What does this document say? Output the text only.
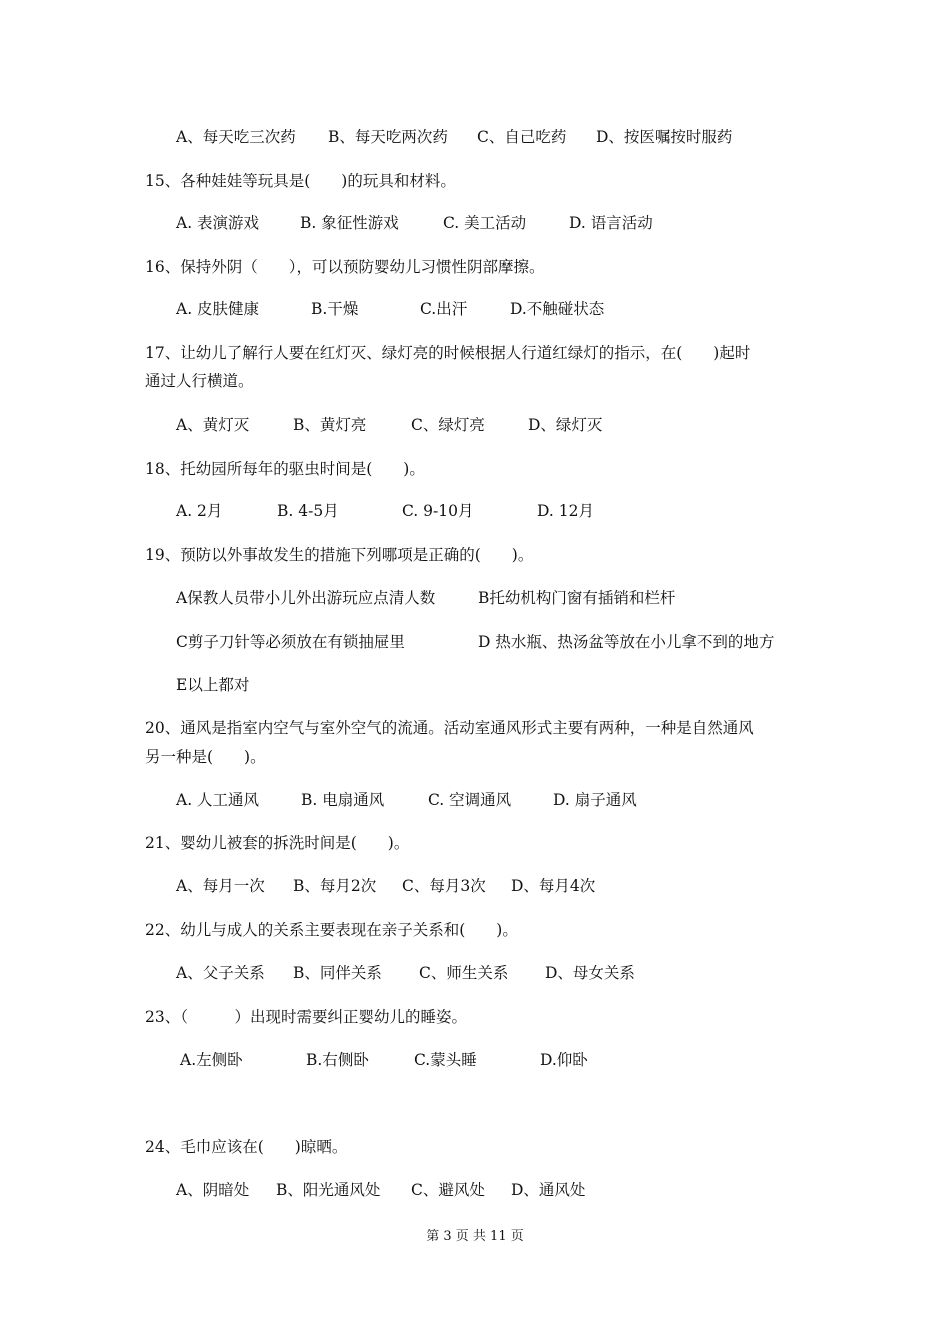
A、每天吃三次药 B、每天吃两次药 C、自己吃药 D、按医嘱按时服药
15、各种娃娃等玩具是(　　)的玩具和材料。
A. 表演游戏	B. 象征性游戏	C. 美工活动	D. 语言活动
16、保持外阴（　　），可以预防婴幼儿习惯性阴部摩擦。
A. 皮肤健康	B.干燥	C.出汗	D.不触碰状态
17、让幼儿了解行人要在红灯灭、绿灯亮的时候根据人行道红绿灯的指示，在(　　)起时
通过人行横道。
A、黄灯灭	B、黄灯亮	C、绿灯亮	D、绿灯灭
18、托幼园所每年的驱虫时间是(　　)。
A. 2月	B. 4-5月	C. 9-10月	D. 12月
19、预防以外事故发生的措施下列哪项是正确的(　　)。
A保教人员带小儿外出游玩应点清人数	B托幼机构门窗有插销和栏杆
C剪子刀针等必须放在有锁抽屉里	D 热水瓶、热汤盆等放在小儿拿不到的地方
E以上都对
20、通风是指室内空气与室外空气的流通。活动室通风形式主要有两种，一种是自然通风
另一种是(　　)。
A. 人工通风	B. 电扇通风	C. 空调通风	D. 扇子通风
21、婴幼儿被套的拆洗时间是(　　)。
A、每月一次 B、每月2次 C、每月3次 D、每月4次
22、幼儿与成人的关系主要表现在亲子关系和(　　)。
A、父子关系 B、同伴关系 C、师生关系 D、母女关系
23、（　　　）出现时需要纠正婴幼儿的睡姿。
A.左侧卧	B.右侧卧	C.蒙头睡	D.仰卧
24、毛巾应该在(　　)晾晒。
A、阴暗处 B、阳光通风处 C、避风处 D、通风处
第 3 页 共 11 页
